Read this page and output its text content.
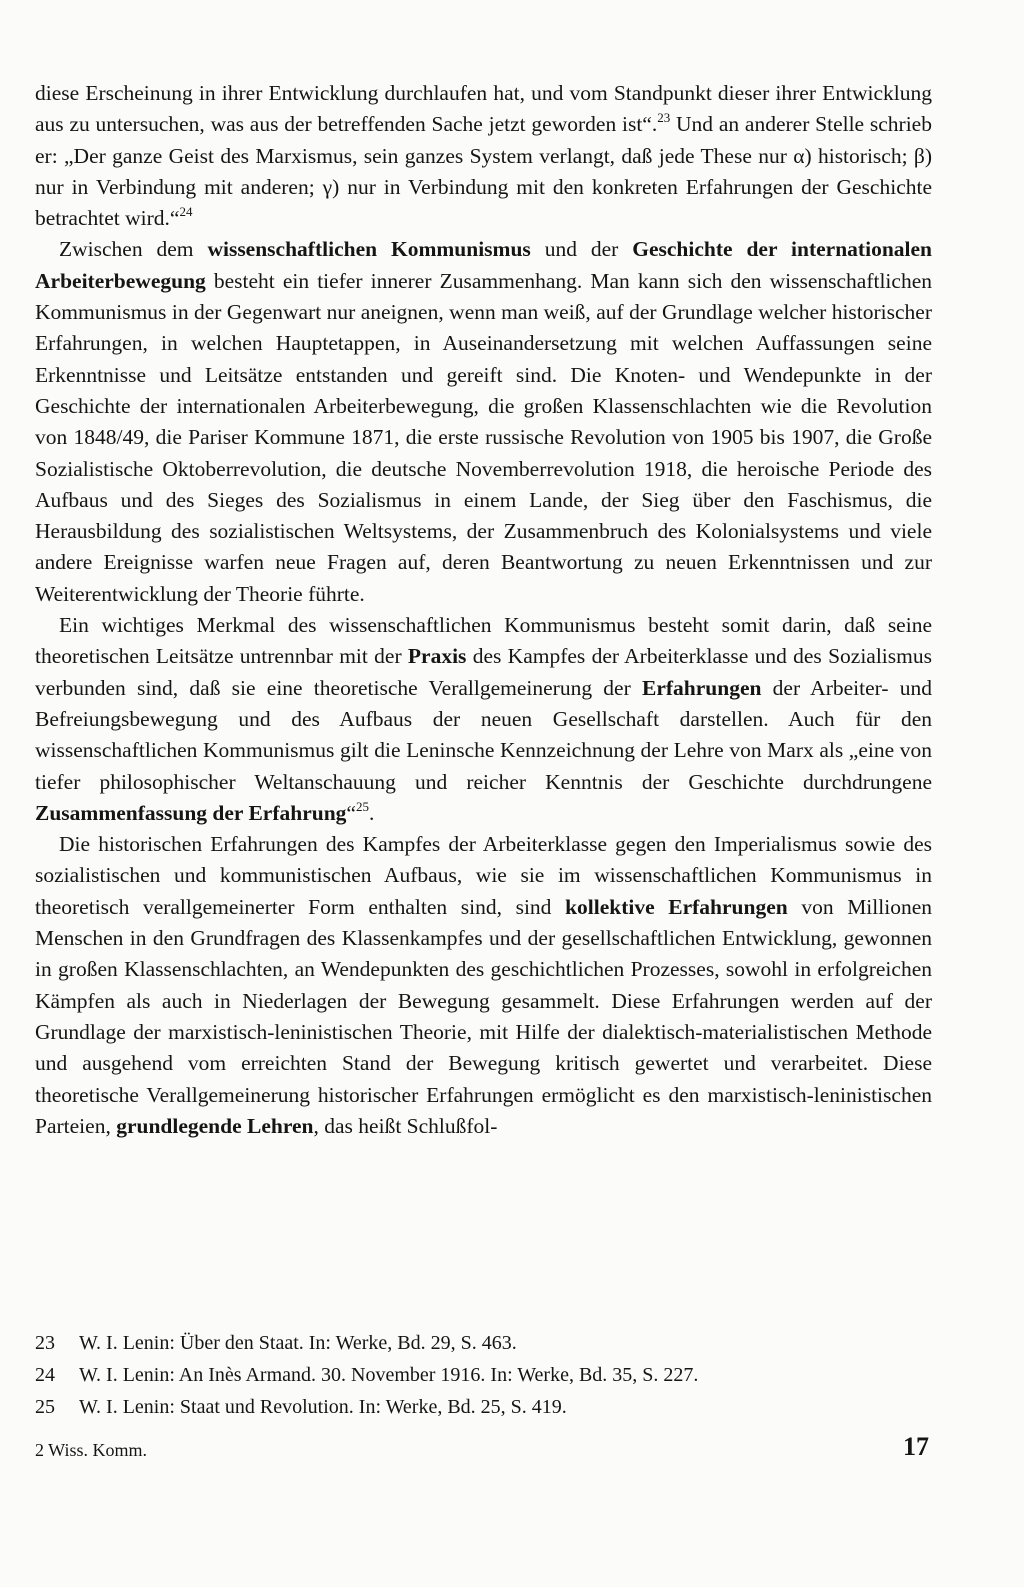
diese Erscheinung in ihrer Entwicklung durchlaufen hat, und vom Standpunkt dieser ihrer Entwicklung aus zu untersuchen, was aus der betreffenden Sache jetzt geworden ist“.$^{23}$ Und an anderer Stelle schrieb er: „Der ganze Geist des Marxismus, sein ganzes System verlangt, daß jede These nur α) historisch; β) nur in Verbindung mit anderen; γ) nur in Verbindung mit den konkreten Erfahrungen der Geschichte betrachtet wird.“$^{24}$

Zwischen dem wissenschaftlichen Kommunismus und der Geschichte der internationalen Arbeiterbewegung besteht ein tiefer innerer Zusammenhang. Man kann sich den wissenschaftlichen Kommunismus in der Gegenwart nur aneignen, wenn man weiß, auf der Grundlage welcher historischer Erfahrungen, in welchen Hauptetappen, in Auseinandersetzung mit welchen Auffassungen seine Erkenntnisse und Leitsätze entstanden und gereift sind. Die Knoten- und Wendepunkte in der Geschichte der internationalen Arbeiterbewegung, die großen Klassenschlachten wie die Revolution von 1848/49, die Pariser Kommune 1871, die erste russische Revolution von 1905 bis 1907, die Große Sozialistische Oktoberrevolution, die deutsche Novemberrevolution 1918, die heroische Periode des Aufbaus und des Sieges des Sozialismus in einem Lande, der Sieg über den Faschismus, die Herausbildung des sozialistischen Weltsystems, der Zusammenbruch des Kolonialsystems und viele andere Ereignisse warfen neue Fragen auf, deren Beantwortung zu neuen Erkenntnissen und zur Weiterentwicklung der Theorie führte.

Ein wichtiges Merkmal des wissenschaftlichen Kommunismus besteht somit darin, daß seine theoretischen Leitsätze untrennbar mit der Praxis des Kampfes der Arbeiterklasse und des Sozialismus verbunden sind, daß sie eine theoretische Verallgemeinerung der Erfahrungen der Arbeiter- und Befreiungsbewegung und des Aufbaus der neuen Gesellschaft darstellen. Auch für den wissenschaftlichen Kommunismus gilt die Leninsche Kennzeichnung der Lehre von Marx als „eine von tiefer philosophischer Weltanschauung und reicher Kenntnis der Geschichte durchdrungene Zusammenfassung der Erfahrung“$^{25}$.

Die historischen Erfahrungen des Kampfes der Arbeiterklasse gegen den Imperialismus sowie des sozialistischen und kommunistischen Aufbaus, wie sie im wissenschaftlichen Kommunismus in theoretisch verallgemeinerter Form enthalten sind, sind kollektive Erfahrungen von Millionen Menschen in den Grundfragen des Klassenkampfes und der gesellschaftlichen Entwicklung, gewonnen in großen Klassenschlachten, an Wendepunkten des geschichtlichen Prozesses, sowohl in erfolgreichen Kämpfen als auch in Niederlagen der Bewegung gesammelt. Diese Erfahrungen werden auf der Grundlage der marxistisch-leninistischen Theorie, mit Hilfe der dialektisch-materialistischen Methode und ausgehend vom erreichten Stand der Bewegung kritisch gewertet und verarbeitet. Diese theoretische Verallgemeinerung historischer Erfahrungen ermöglicht es den marxistisch-leninistischen Parteien, grundlegende Lehren, das heißt Schlußfol-

23	W. I. Lenin: Über den Staat. In: Werke, Bd. 29, S. 463.
24	W. I. Lenin: An Inès Armand. 30. November 1916. In: Werke, Bd. 35, S. 227.
25	W. I. Lenin: Staat und Revolution. In: Werke, Bd. 25, S. 419.
2 Wiss. Komm.	17
